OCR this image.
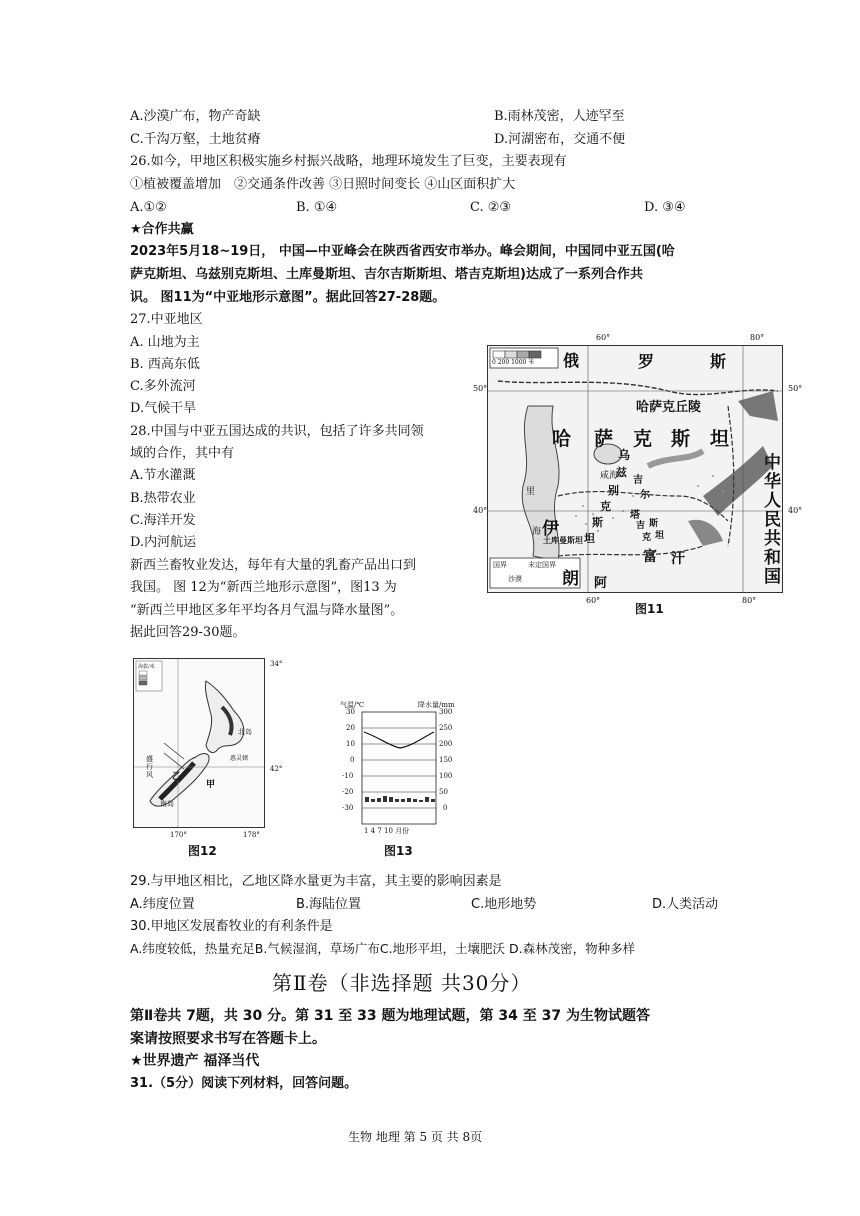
A.沙漠广布，物产奇缺	B.雨林茂密，人迹罕至
C.千沟万壑，土地贫瘠	D.河湖密布，交通不便
26.如今，甲地区积极实施乡村振兴战略，地理环境发生了巨变，主要表现有
①植被覆盖增加　②交通条件改善 ③日照时间变长 ④山区面积扩大
A.①②	B. ①④	C. ②③	D. ③④
★合作共赢
2023年5月18~19日， 中国—中亚峰会在陕西省西安市举办。峰会期间，中国同中亚五国(哈
萨克斯坦、乌兹别克斯坦、土库曼斯坦、吉尔吉斯斯坦、塔吉克斯坦)达成了一系列合作共
识。 图11为“中亚地形示意图”。据此回答27-28题。
27.中亚地区
A. 山地为主
B. 西高东低
C.多外流河
D.气候干旱
28.中国与中亚五国达成的共识，包括了许多共同领
域的合作，其中有
A.节水灌溉
B.热带农业
C.海洋开发
D.内河航运
新西兰畜牧业发达，每年有大量的乳畜产品出口到
我国。 图 12为“新西兰地形示意图”，图13 为
“新西兰甲地区多年平均各月气温与降水量图”。
据此回答29-30题。
0 200 1000 米 俄	罗	斯
哈萨克丘陵
哈 萨 克 斯 坦
里
海
咸海
乌
兹
别
克
斯
坦
伊
朗 阿
富 汗
土库曼斯坦
吉
尔
塔
吉
克
斯
坦
中
华
人
民
共
和
国
国界	未定国界
沙漠
60°	80°
50°	50°
40°	40°
60°	80°
图11
海拔/米
北岛
惠灵顿
南岛
盛行风	乙
甲
34°
42°
170°	178°
图12
气温/℃	降水量/mm
30
20
10
0
-10
-20
-30
300
250
200
150
100
50
0
1 4 7 10 月份
图13
29.与甲地区相比，乙地区降水量更为丰富，其主要的影响因素是
A.纬度位置	B.海陆位置	C.地形地势	D.人类活动
30.甲地区发展畜牧业的有利条件是
A.纬度较低，热量充足B.气候湿润，草场广布C.地形平坦，土壤肥沃 D.森林茂密，物种多样
第Ⅱ卷（非选择题 共30分）
第Ⅱ卷共 7题，共 30 分。第 31 至 33 题为地理试题，第 34 至 37 为生物试题答
案请按照要求书写在答题卡上。
★世界遗产 福泽当代
31.（5分）阅读下列材料，回答问题。
生物 地理 第 5 页 共 8页
